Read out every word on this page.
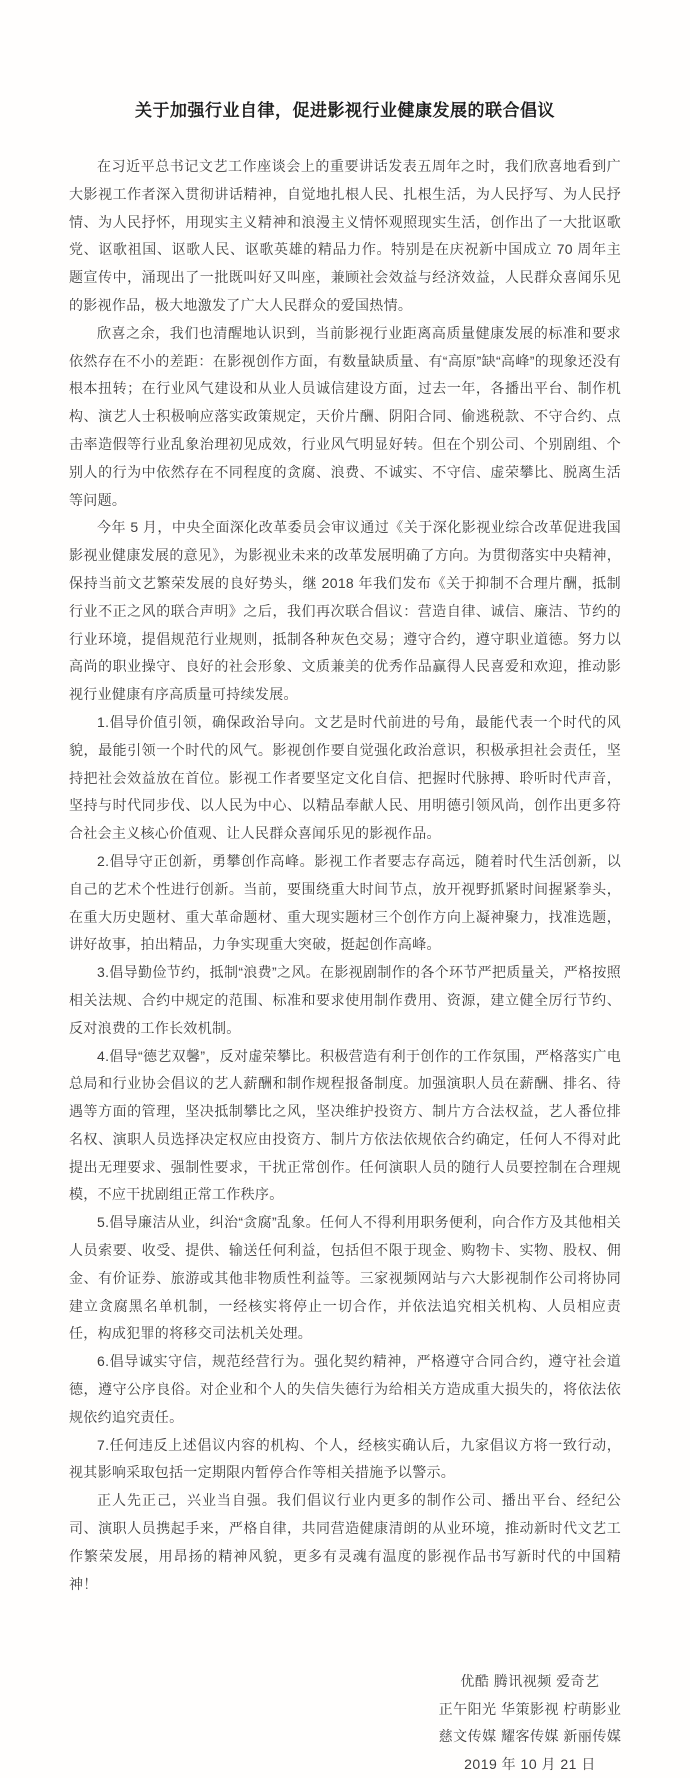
关于加强行业自律，促进影视行业健康发展的联合倡议

在习近平总书记文艺工作座谈会上的重要讲话发表五周年之时，我们欣喜地看到广大影视工作者深入贯彻讲话精神，自觉地扎根人民、扎根生活，为人民抒写、为人民抒情、为人民抒怀，用现实主义精神和浪漫主义情怀观照现实生活，创作出了一大批讴歌党、讴歌祖国、讴歌人民、讴歌英雄的精品力作。特别是在庆祝新中国成立 70 周年主题宣传中，涌现出了一批既叫好又叫座，兼顾社会效益与经济效益，人民群众喜闻乐见的影视作品，极大地激发了广大人民群众的爱国热情。

欣喜之余，我们也清醒地认识到，当前影视行业距离高质量健康发展的标准和要求依然存在不小的差距：在影视创作方面，有数量缺质量、有“高原”缺“高峰”的现象还没有根本扭转；在行业风气建设和从业人员诚信建设方面，过去一年，各播出平台、制作机构、演艺人士积极响应落实政策规定，天价片酬、阴阳合同、偷逃税款、不守合约、点击率造假等行业乱象治理初见成效，行业风气明显好转。但在个别公司、个别剧组、个别人的行为中依然存在不同程度的贪腐、浪费、不诚实、不守信、虚荣攀比、脱离生活等问题。

今年 5 月，中央全面深化改革委员会审议通过《关于深化影视业综合改革促进我国影视业健康发展的意见》，为影视业未来的改革发展明确了方向。为贯彻落实中央精神，保持当前文艺繁荣发展的良好势头，继 2018 年我们发布《关于抑制不合理片酬，抵制行业不正之风的联合声明》之后，我们再次联合倡议：营造自律、诚信、廉洁、节约的行业环境，提倡规范行业规则，抵制各种灰色交易；遵守合约，遵守职业道德。努力以高尚的职业操守、良好的社会形象、文质兼美的优秀作品赢得人民喜爱和欢迎，推动影视行业健康有序高质量可持续发展。

1.倡导价值引领，确保政治导向。文艺是时代前进的号角，最能代表一个时代的风貌，最能引领一个时代的风气。影视创作要自觉强化政治意识，积极承担社会责任，坚持把社会效益放在首位。影视工作者要坚定文化自信、把握时代脉搏、聆听时代声音，坚持与时代同步伐、以人民为中心、以精品奉献人民、用明德引领风尚，创作出更多符合社会主义核心价值观、让人民群众喜闻乐见的影视作品。

2.倡导守正创新，勇攀创作高峰。影视工作者要志存高远，随着时代生活创新，以自己的艺术个性进行创新。当前，要围绕重大时间节点，放开视野抓紧时间握紧拳头，在重大历史题材、重大革命题材、重大现实题材三个创作方向上凝神聚力，找准选题，讲好故事，拍出精品，力争实现重大突破，挺起创作高峰。

3.倡导勤俭节约，抵制“浪费”之风。在影视剧制作的各个环节严把质量关，严格按照相关法规、合约中规定的范围、标准和要求使用制作费用、资源，建立健全厉行节约、反对浪费的工作长效机制。

4.倡导“德艺双馨”，反对虚荣攀比。积极营造有利于创作的工作氛围，严格落实广电总局和行业协会倡议的艺人薪酬和制作规程报备制度。加强演职人员在薪酬、排名、待遇等方面的管理，坚决抵制攀比之风，坚决维护投资方、制片方合法权益，艺人番位排名权、演职人员选择决定权应由投资方、制片方依法依规依合约确定，任何人不得对此提出无理要求、强制性要求，干扰正常创作。任何演职人员的随行人员要控制在合理规模，不应干扰剧组正常工作秩序。

5.倡导廉洁从业，纠治“贪腐”乱象。任何人不得利用职务便利，向合作方及其他相关人员索要、收受、提供、输送任何利益，包括但不限于现金、购物卡、实物、股权、佣金、有价证券、旅游或其他非物质性利益等。三家视频网站与六大影视制作公司将协同建立贪腐黑名单机制，一经核实将停止一切合作，并依法追究相关机构、人员相应责任，构成犯罪的将移交司法机关处理。

6.倡导诚实守信，规范经营行为。强化契约精神，严格遵守合同合约，遵守社会道德，遵守公序良俗。对企业和个人的失信失德行为给相关方造成重大损失的，将依法依规依约追究责任。

7.任何违反上述倡议内容的机构、个人，经核实确认后，九家倡议方将一致行动，视其影响采取包括一定期限内暂停合作等相关措施予以警示。

正人先正己，兴业当自强。我们倡议行业内更多的制作公司、播出平台、经纪公司、演职人员携起手来，严格自律，共同营造健康清朗的从业环境，推动新时代文艺工作繁荣发展，用昂扬的精神风貌，更多有灵魂有温度的影视作品书写新时代的中国精神！

优酷 腾讯视频 爱奇艺
正午阳光 华策影视 柠萌影业
慈文传媒 耀客传媒 新丽传媒
2019 年 10 月 21 日
